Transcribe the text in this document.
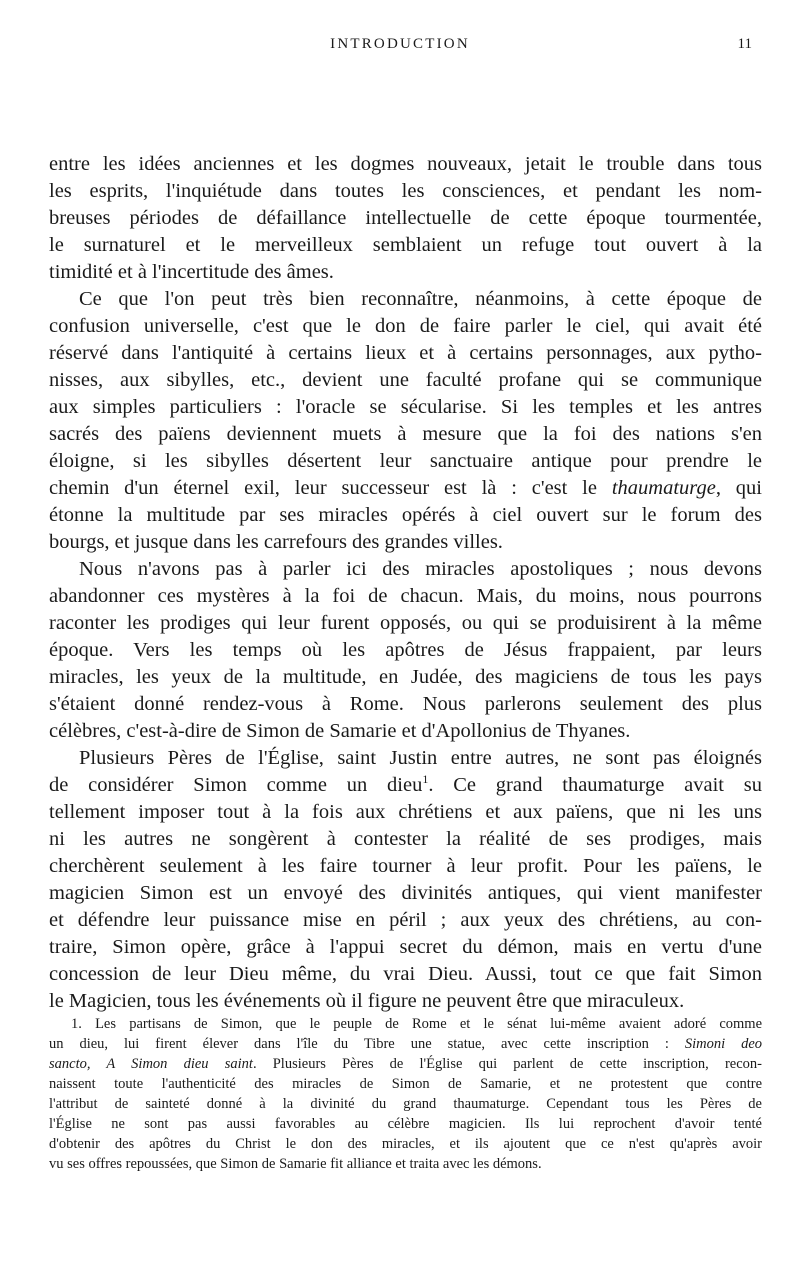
INTRODUCTION	11
entre les idées anciennes et les dogmes nouveaux, jetait le trouble dans tous
les esprits, l'inquiétude dans toutes les consciences, et pendant les nom-
breuses périodes de défaillance intellectuelle de cette époque tourmentée,
le surnaturel et le merveilleux semblaient un refuge tout ouvert à la
timidité et à l'incertitude des âmes.
Ce que l'on peut très bien reconnaître, néanmoins, à cette époque de
confusion universelle, c'est que le don de faire parler le ciel, qui avait été
réservé dans l'antiquité à certains lieux et à certains personnages, aux pytho-
nisses, aux sibylles, etc., devient une faculté profane qui se communique
aux simples particuliers : l'oracle se sécularise. Si les temples et les antres
sacrés des païens deviennent muets à mesure que la foi des nations s'en
éloigne, si les sibylles désertent leur sanctuaire antique pour prendre le
chemin d'un éternel exil, leur successeur est là : c'est le thaumaturge, qui
étonne la multitude par ses miracles opérés à ciel ouvert sur le forum des
bourgs, et jusque dans les carrefours des grandes villes.
Nous n'avons pas à parler ici des miracles apostoliques ; nous devons
abandonner ces mystères à la foi de chacun. Mais, du moins, nous pourrons
raconter les prodiges qui leur furent opposés, ou qui se produisirent à la même
époque. Vers les temps où les apôtres de Jésus frappaient, par leurs
miracles, les yeux de la multitude, en Judée, des magiciens de tous les pays
s'étaient donné rendez-vous à Rome. Nous parlerons seulement des plus
célèbres, c'est-à-dire de Simon de Samarie et d'Apollonius de Thyanes.
Plusieurs Pères de l'Église, saint Justin entre autres, ne sont pas éloignés
de considérer Simon comme un dieu$^1$. Ce grand thaumaturge avait su
tellement imposer tout à la fois aux chrétiens et aux païens, que ni les uns
ni les autres ne songèrent à contester la réalité de ses prodiges, mais
cherchèrent seulement à les faire tourner à leur profit. Pour les païens, le
magicien Simon est un envoyé des divinités antiques, qui vient manifester
et défendre leur puissance mise en péril ; aux yeux des chrétiens, au con-
traire, Simon opère, grâce à l'appui secret du démon, mais en vertu d'une
concession de leur Dieu même, du vrai Dieu. Aussi, tout ce que fait Simon
le Magicien, tous les événements où il figure ne peuvent être que miraculeux.
1. Les partisans de Simon, que le peuple de Rome et le sénat lui-même avaient adoré comme
un dieu, lui firent élever dans l'île du Tibre une statue, avec cette inscription : Simoni deo
sancto, A Simon dieu saint. Plusieurs Pères de l'Église qui parlent de cette inscription, recon-
naissent toute l'authenticité des miracles de Simon de Samarie, et ne protestent que contre
l'attribut de sainteté donné à la divinité du grand thaumaturge. Cependant tous les Pères de
l'Église ne sont pas aussi favorables au célèbre magicien. Ils lui reprochent d'avoir tenté
d'obtenir des apôtres du Christ le don des miracles, et ils ajoutent que ce n'est qu'après avoir
vu ses offres repoussées, que Simon de Samarie fit alliance et traita avec les démons.
